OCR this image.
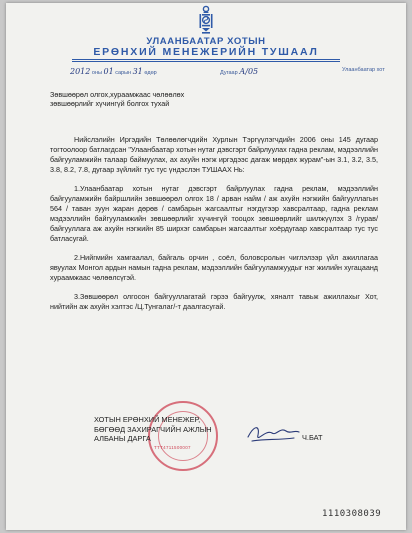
УЛААНБААТАР ХОТЫН
ЕРӨНХИЙ МЕНЕЖЕРИЙН ТУШААЛ
2012 оны 01 сарын 31 өдөр	Дугаар А/05	Улаанбаатар хот
Зөвшөөрөл олгох,хураамжаас чөлөөлөх
зөвшөөрлийг хүчингүй болгох тухай

Нийслэлийн Иргэдийн Төлөөлөгчдийн Хурлын Тэргүүлэгчдийн 2006 оны 145 дугаар тогтоолоор батлагдсан "Улаанбаатар хотын нутаг дэвсгэрт байрлуулах гадна реклам, мэдээллийн байгууламжийн талаар баймуулах, ах ахуйн нэгж иргэдээс дагаж мөрдөх журам"-ын 3.1, 3.2, 3.5, 3.8, 8.2, 7.8, дугаар зүйлийг тус тус үндэслэн ТУШААХ Нь:

1.Улаанбаатар хотын нутаг дэвсгэрт байрлуулах гадна реклам, мэдээллийн байгууламжийн байршлийн зөвшөөрөл олгох 18 / арван найм / аж ахуйн нэгжийн байгууллагын 564 / таван зуун жаран дөрөв / самбарын жагсаалтыг нэгдүгээр хавсралтаар, гадна реклам мэдээллийн байгууламжийн зөвшөөрлийг хүчингүй тооцох зөвшөөрлийг шилжүүлэх 3 /гурав/ байгууллага аж ахуйн нэгжийн 85 ширхэг самбарын жагсаалтыг хоёрдугаар хавсралтаар тус тус батласугай.

2.Нийгмийн хамгаалал, байгаль орчин , соёл, боловсролын чиглэлээр үйл ажиллагаа явуулах Монгол ардын намын гадна реклам, мэдээллийн байгууламжуудыг нэг жилийн хугацаанд хураамжаас чөлөөлсүгэй.

3.Зөвшөөрөл олгосон байгууллагатай гэрээ байгуулж, хяналт тавьж ажиллахыг Хот, нийтийн аж ахуйн хэлтэс /Ц.Тунгалаг/-т даалгасугай.

ТТТ4711500007
ХОТЫН ЕРӨНХИЙ МЕНЕЖЕР,
БӨГӨӨД ЗАХИРАГЧИЙН АЖЛЫН
АЛБАНЫ ДАРГА	Ч.БАТ
1110308039
